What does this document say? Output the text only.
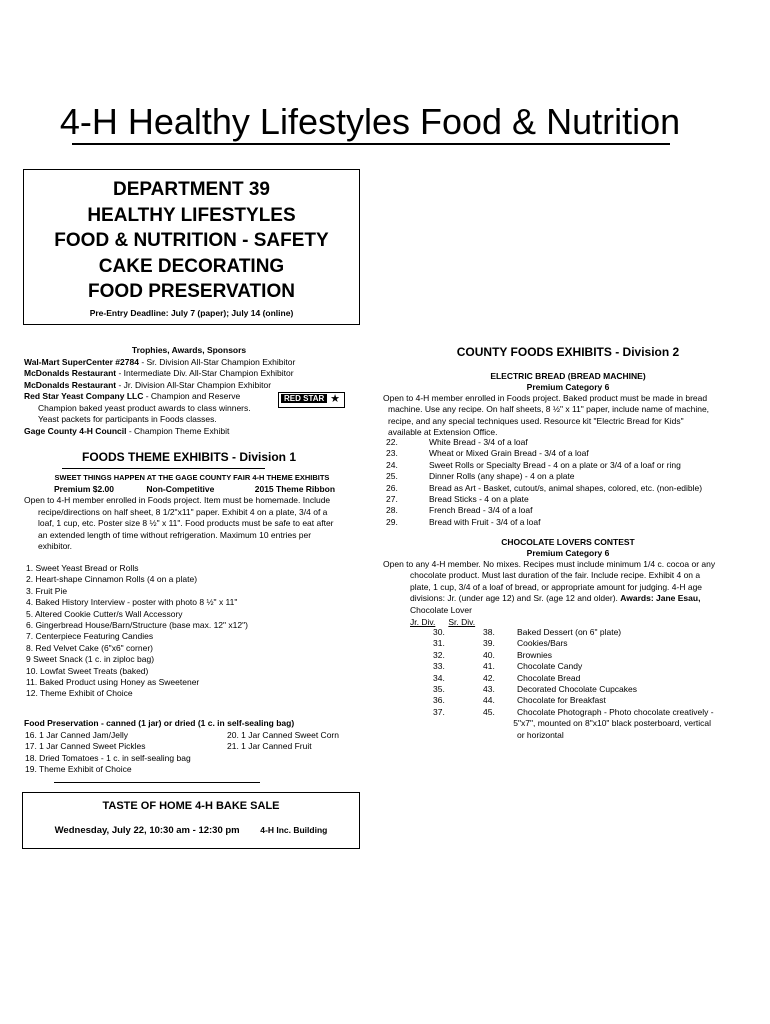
4-H Healthy Lifestyles Food & Nutrition
DEPARTMENT 39
HEALTHY LIFESTYLES
FOOD & NUTRITION - SAFETY
CAKE DECORATING
FOOD PRESERVATION
Pre-Entry Deadline: July 7 (paper); July 14 (online)
Trophies, Awards, Sponsors
Wal-Mart SuperCenter #2784 - Sr. Division All-Star Champion Exhibitor
McDonalds Restaurant - Intermediate Div. All-Star Champion Exhibitor
McDonalds Restaurant - Jr. Division All-Star Champion Exhibitor
Red Star Yeast Company LLC - Champion and Reserve
Champion baked yeast product awards to class winners.
Yeast packets for participants in Foods classes.
Gage County 4-H Council - Champion Theme Exhibit
RED STAR ★
FOODS THEME EXHIBITS - Division 1
SWEET THINGS HAPPEN AT THE GAGE COUNTY FAIR 4-H THEME EXHIBITS
Premium $2.00	Non-Competitive	2015 Theme Ribbon
Open to 4-H member enrolled in Foods project. Item must be homemade. Include
recipe/directions on half sheet, 8 1/2"x11" paper. Exhibit 4 on a plate, 3/4 of a
loaf, 1 cup, etc. Poster size 8 ½" x 11". Food products must be safe to eat after
an extended length of time without refrigeration. Maximum 10 entries per
exhibitor.
1. Sweet Yeast Bread or Rolls
2. Heart-shape Cinnamon Rolls (4 on a plate)
3. Fruit Pie
4. Baked History Interview - poster with photo 8 ½" x 11"
5. Altered Cookie Cutter/s Wall Accessory
6. Gingerbread House/Barn/Structure (base max. 12" x12")
7. Centerpiece Featuring Candies
8. Red Velvet Cake (6"x6" corner)
9 Sweet Snack (1 c. in ziploc bag)
10. Lowfat Sweet Treats (baked)
11. Baked Product using Honey as Sweetener
12. Theme Exhibit of Choice
Food Preservation - canned (1 jar) or dried (1 c. in self-sealing bag)
16. 1 Jar Canned Jam/Jelly	20. 1 Jar Canned Sweet Corn
17. 1 Jar Canned Sweet Pickles	21. 1 Jar Canned Fruit
18. Dried Tomatoes - 1 c. in self-sealing bag
19. Theme Exhibit of Choice
TASTE OF HOME 4-H BAKE SALE
Wednesday, July 22, 10:30 am - 12:30 pm 4-H Inc. Building
COUNTY FOODS EXHIBITS - Division 2
ELECTRIC BREAD (BREAD MACHINE)
Premium Category 6
Open to 4-H member enrolled in Foods project. Baked product must be made in bread
machine. Use any recipe. On half sheets, 8 ½" x 11" paper, include name of machine,
recipe, and any special techniques used. Resource kit "Electric Bread for Kids"
available at Extension Office.
22.	White Bread - 3/4 of a loaf
23.	Wheat or Mixed Grain Bread - 3/4 of a loaf
24.	Sweet Rolls or Specialty Bread - 4 on a plate or 3/4 of a loaf or ring
25.	Dinner Rolls (any shape) - 4 on a plate
26.	Bread as Art - Basket, cutout/s, animal shapes, colored, etc. (non-edible)
27.	Bread Sticks - 4 on a plate
28.	French Bread - 3/4 of a loaf
29.	Bread with Fruit - 3/4 of a loaf
CHOCOLATE LOVERS CONTEST
Premium Category 6
Open to any 4-H member. No mixes. Recipes must include minimum 1/4 c. cocoa or any
chocolate product. Must last duration of the fair. Include recipe. Exhibit 4 on a
plate, 1 cup, 3/4 of a loaf of bread, or appropriate amount for judging. 4-H age
divisions: Jr. (under age 12) and Sr. (age 12 and older). Awards: Jane Esau,
Chocolate Lover
Jr. Div. Sr. Div.
30.	38.	Baked Dessert (on 6" plate)
31.	39.	Cookies/Bars
32.	40.	Brownies
33.	41.	Chocolate Candy
34.	42.	Chocolate Bread
35.	43.	Decorated Chocolate Cupcakes
36.	44.	Chocolate for Breakfast
37.	45.	Chocolate Photograph - Photo chocolate creatively -
5"x7", mounted on 8"x10" black posterboard, vertical
or horizontal
